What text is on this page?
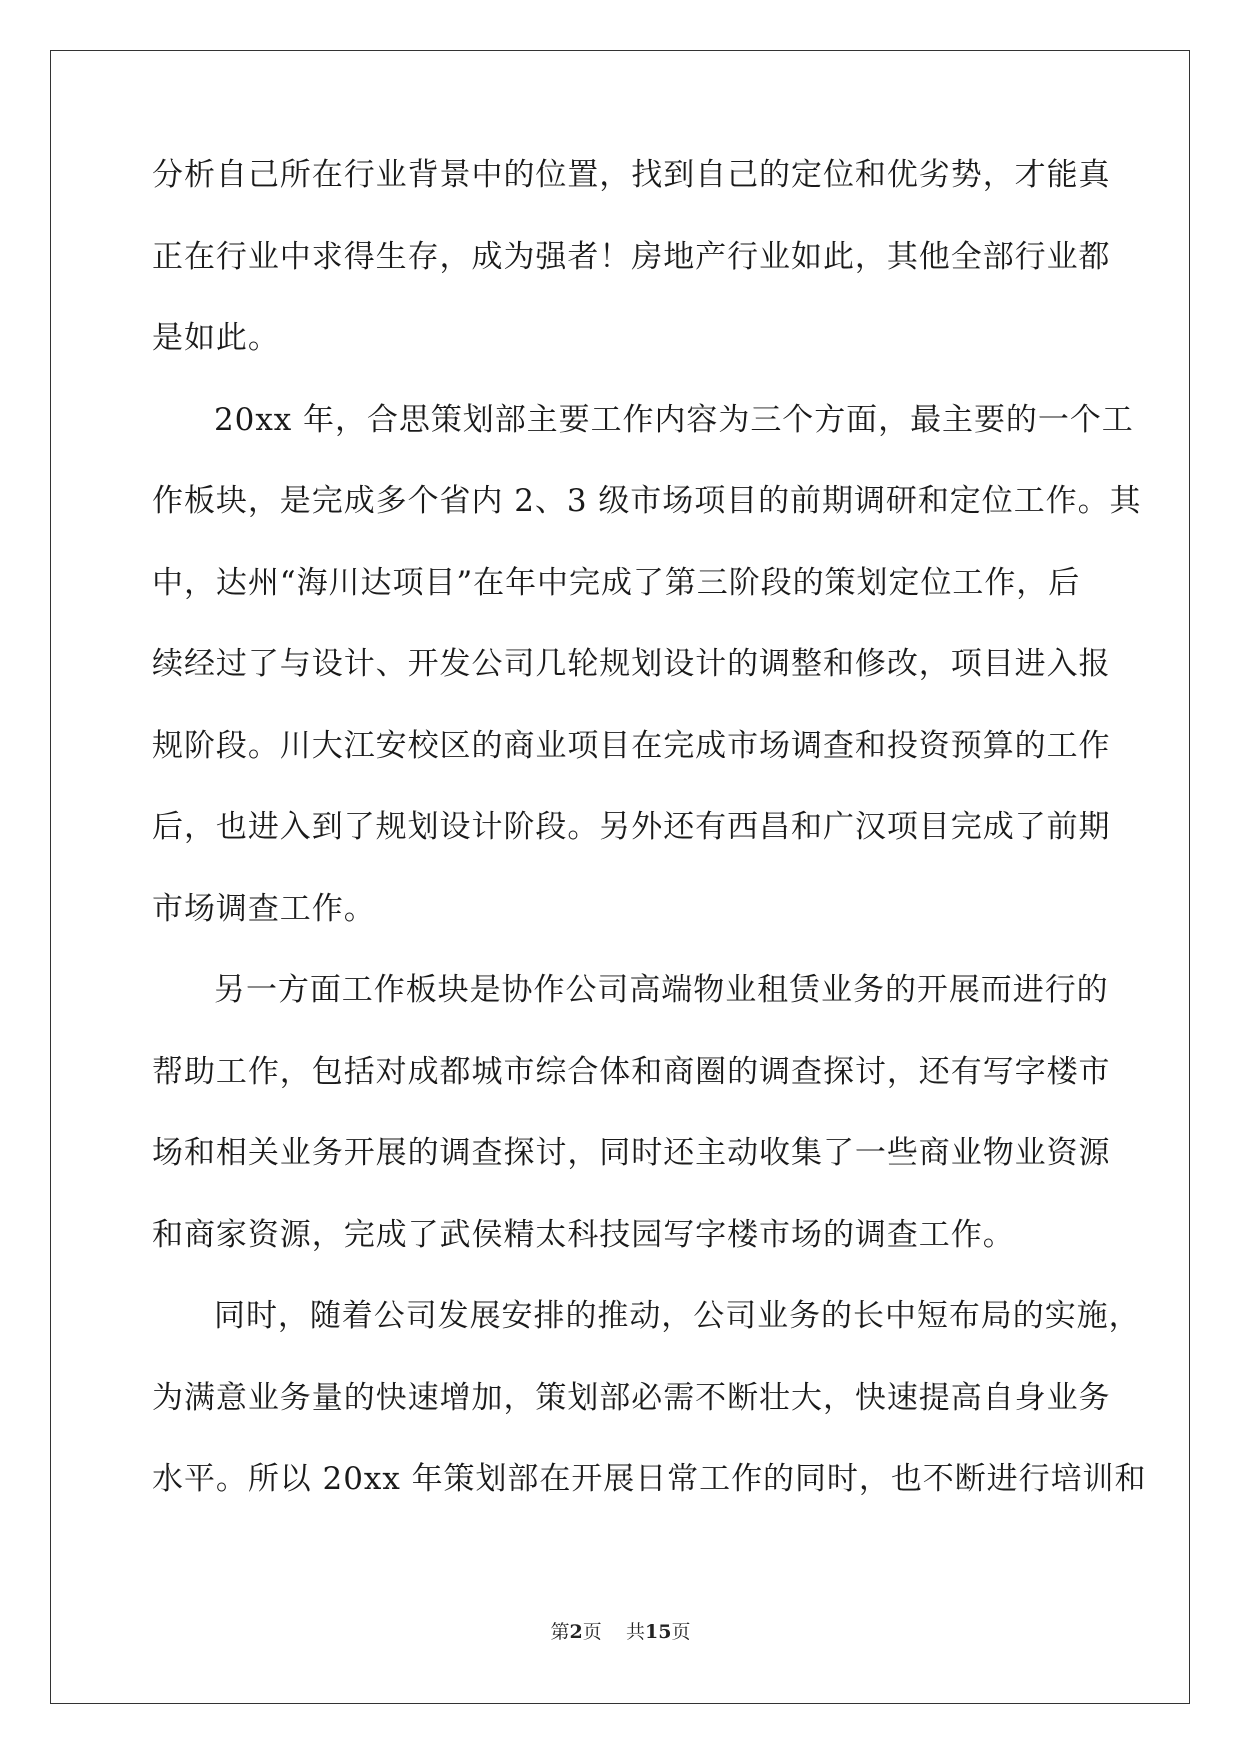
分析自己所在行业背景中的位置，找到自己的定位和优劣势，才能真
正在行业中求得生存，成为强者！房地产行业如此，其他全部行业都
是如此。
20xx 年，合思策划部主要工作内容为三个方面，最主要的一个工
作板块，是完成多个省内 2、3 级市场项目的前期调研和定位工作。其
中，达州“海川达项目”在年中完成了第三阶段的策划定位工作，后
续经过了与设计、开发公司几轮规划设计的调整和修改，项目进入报
规阶段。川大江安校区的商业项目在完成市场调查和投资预算的工作
后，也进入到了规划设计阶段。另外还有西昌和广汉项目完成了前期
市场调查工作。
另一方面工作板块是协作公司高端物业租赁业务的开展而进行的
帮助工作，包括对成都城市综合体和商圈的调查探讨，还有写字楼市
场和相关业务开展的调查探讨，同时还主动收集了一些商业物业资源
和商家资源，完成了武侯精太科技园写字楼市场的调查工作。
同时，随着公司发展安排的推动，公司业务的长中短布局的实施，
为满意业务量的快速增加，策划部必需不断壮大，快速提高自身业务
水平。所以 20xx 年策划部在开展日常工作的同时，也不断进行培训和
第2页 共15页
